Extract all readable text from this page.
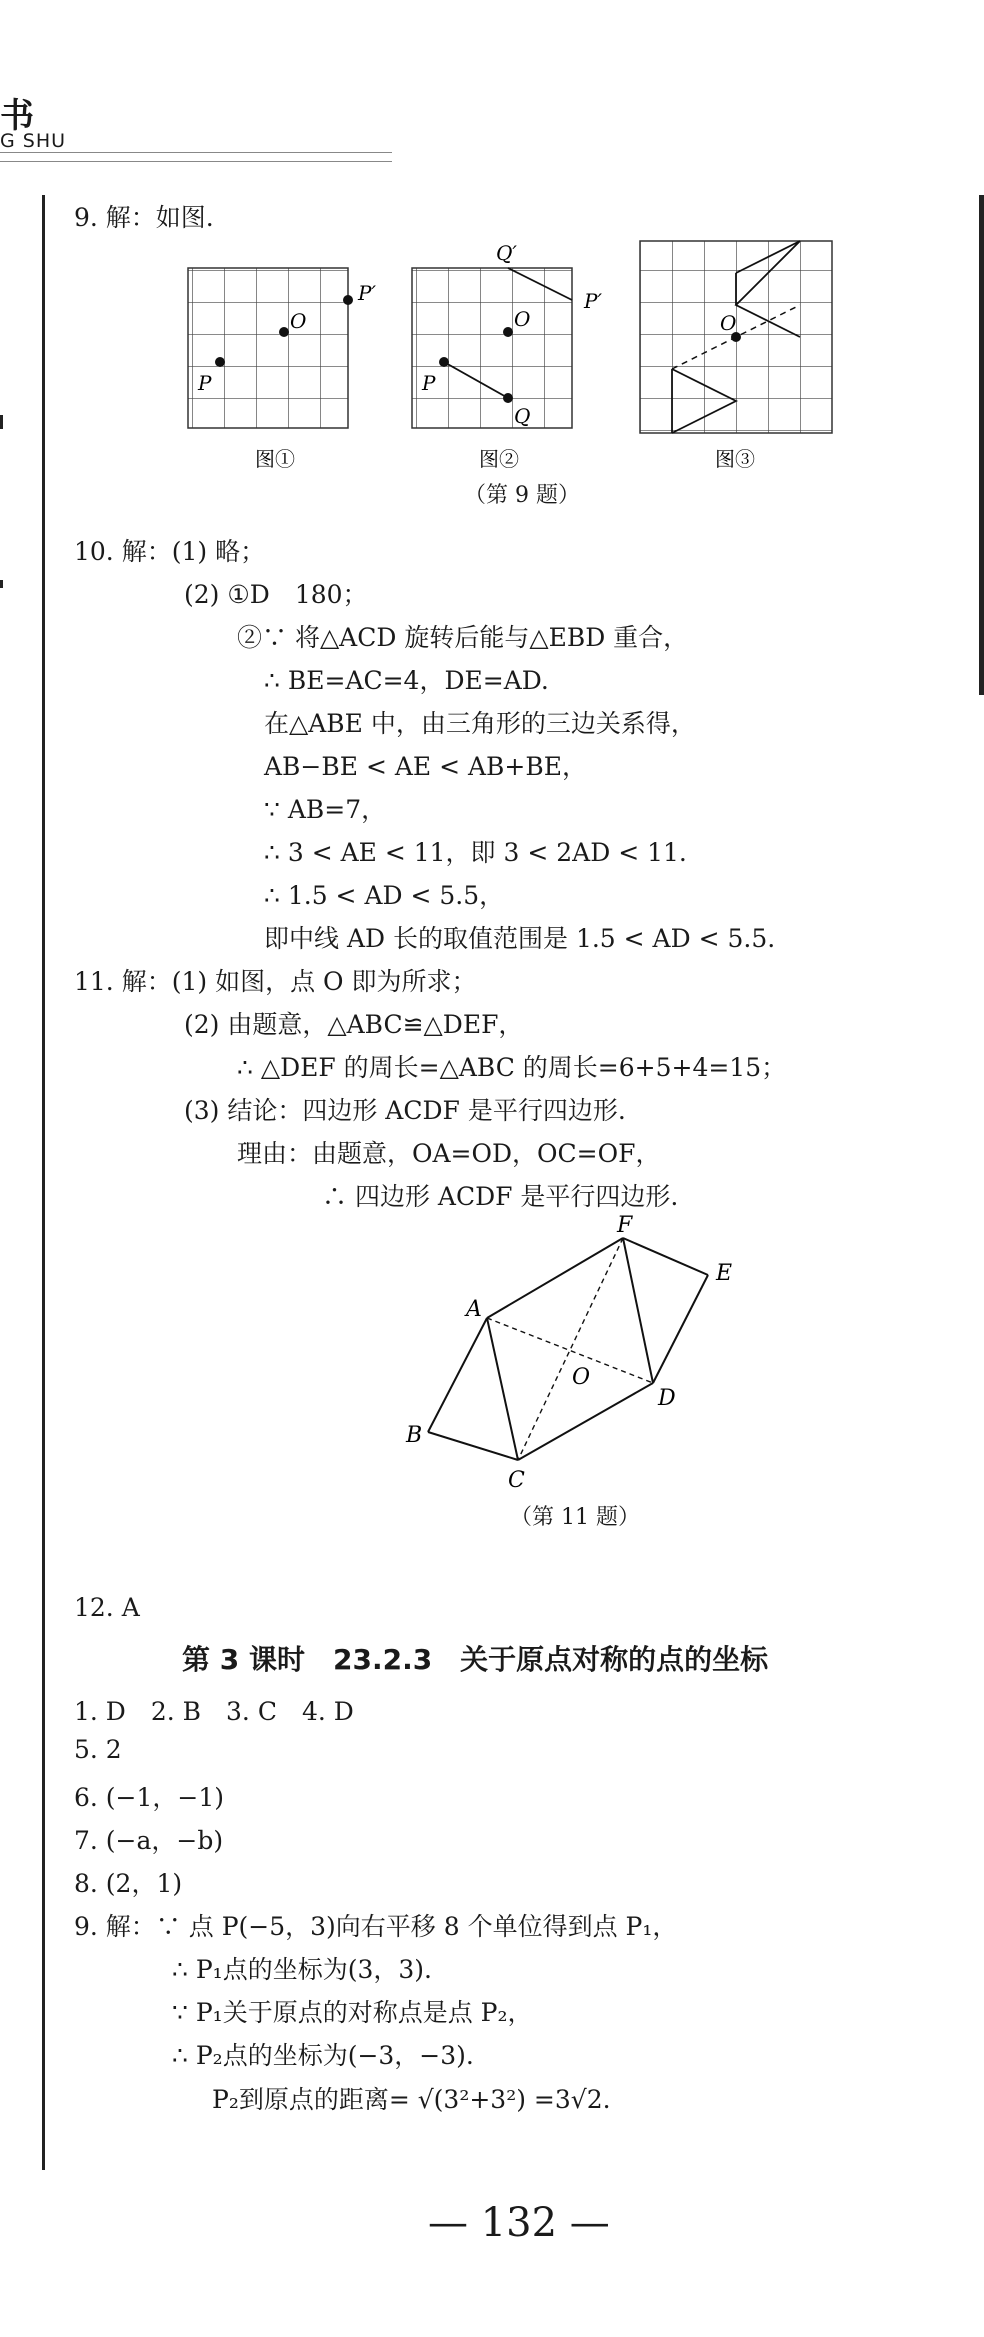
书
G SHU
9. 解：如图.
P
O
P′
图①
P
O
Q
Q′
P′
图②
O
图③
（第 9 题）
10. 解：(1) 略；
(2) ①D　180；
②∵ 将△ACD 旋转后能与△EBD 重合，
∴ BE=AC=4，DE=AD.
在△ABE 中，由三角形的三边关系得，
AB−BE < AE < AB+BE，
∵ AB=7，
∴ 3 < AE < 11，即 3 < 2AD < 11.
∴ 1.5 < AD < 5.5，
即中线 AD 长的取值范围是 1.5 < AD < 5.5.
11. 解：(1) 如图，点 O 即为所求；
(2) 由题意，△ABC≌△DEF，
∴ △DEF 的周长=△ABC 的周长=6+5+4=15；
(3) 结论：四边形 ACDF 是平行四边形.
理由：由题意，OA=OD，OC=OF，
∴ 四边形 ACDF 是平行四边形.
F
E
A
O
D
B
C
（第 11 题）
12. A
第 3 课时　23.2.3　关于原点对称的点的坐标
1. D　2. B　3. C　4. D
5. 2
6. (−1，−1)
7. (−a，−b)
8. (2，1)
9. 解：∵ 点 P(−5，3)向右平移 8 个单位得到点 P₁，
∴ P₁点的坐标为(3，3).
∵ P₁关于原点的对称点是点 P₂，
∴ P₂点的坐标为(−3，−3).
P₂到原点的距离= √(3²+3²) =3√2.
— 132 —
